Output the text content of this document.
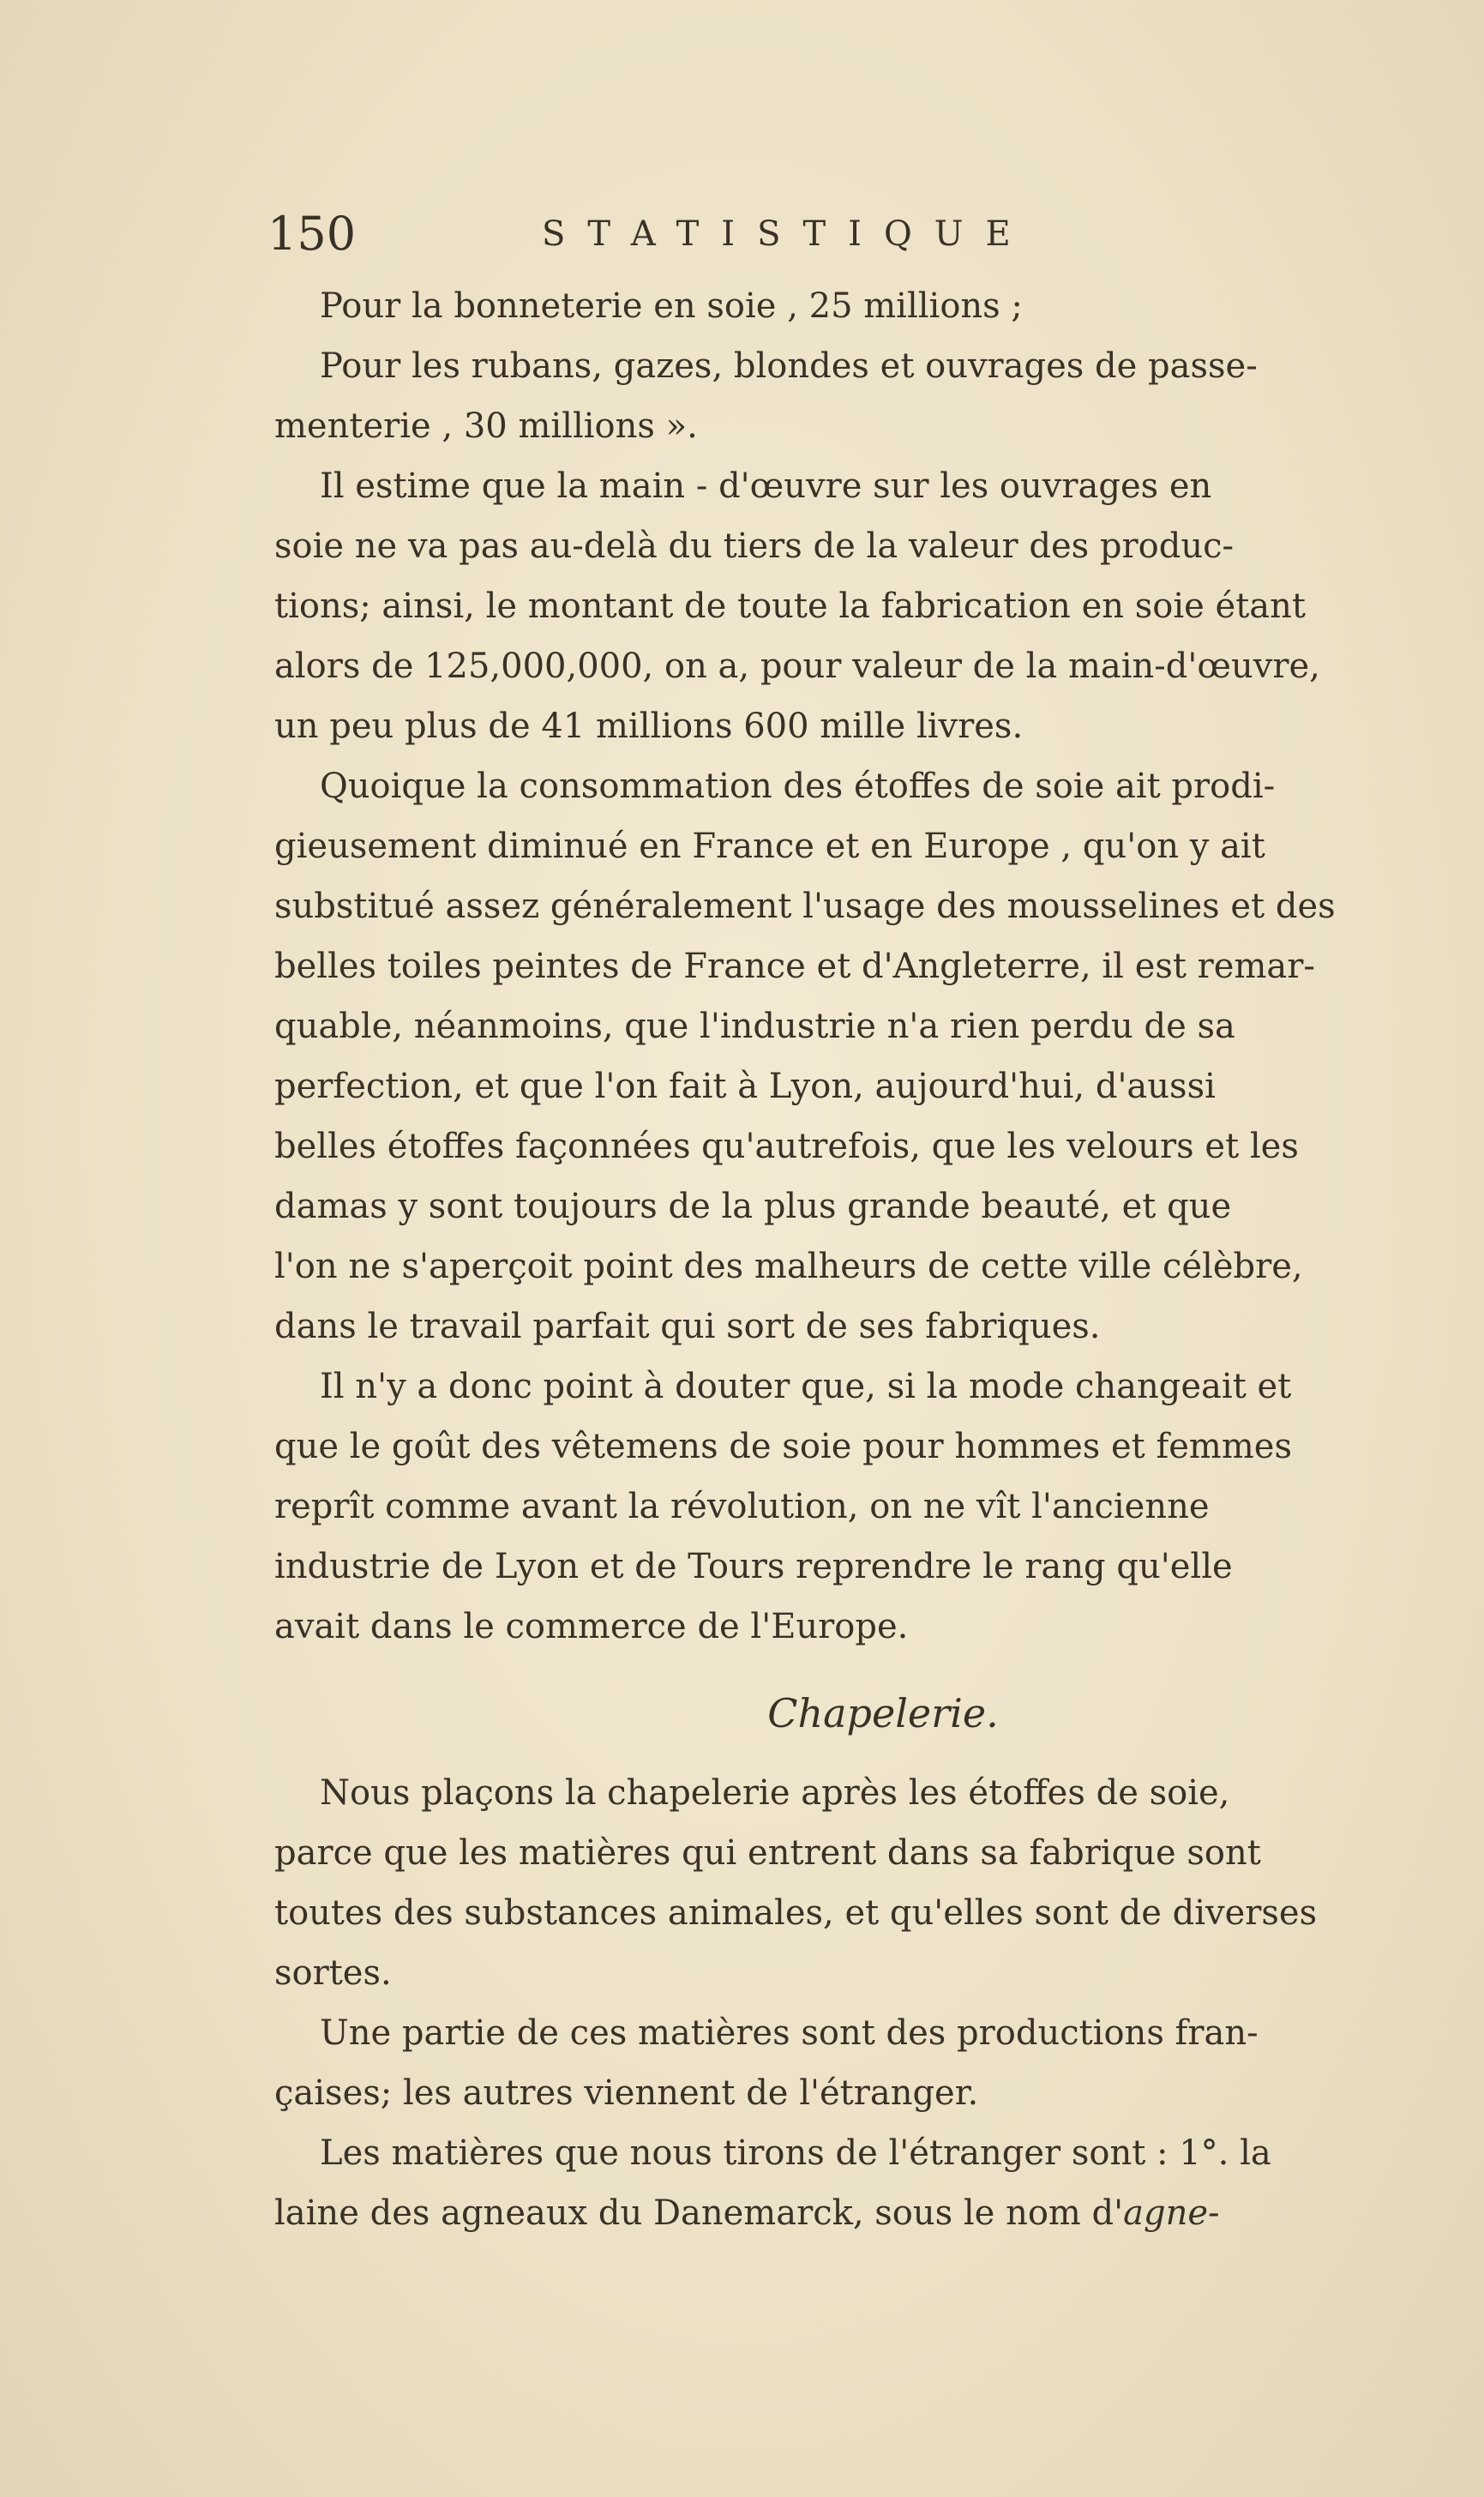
150	STATISTIQUE
Pour la bonneterie en soie , 25 millions ;
Pour les rubans, gazes, blondes et ouvrages de passe-
menterie , 30 millions ».
Il estime que la main - d'œuvre sur les ouvrages en
soie ne va pas au-delà du tiers de la valeur des produc-
tions; ainsi, le montant de toute la fabrication en soie étant
alors de 125,000,000, on a, pour valeur de la main-d'œuvre,
un peu plus de 41 millions 600 mille livres.
Quoique la consommation des étoffes de soie ait prodi-
gieusement diminué en France et en Europe , qu'on y ait
substitué assez généralement l'usage des mousselines et des
belles toiles peintes de France et d'Angleterre, il est remar-
quable, néanmoins, que l'industrie n'a rien perdu de sa
perfection, et que l'on fait à Lyon, aujourd'hui, d'aussi
belles étoffes façonnées qu'autrefois, que les velours et les
damas y sont toujours de la plus grande beauté, et que
l'on ne s'aperçoit point des malheurs de cette ville célèbre,
dans le travail parfait qui sort de ses fabriques.
Il n'y a donc point à douter que, si la mode changeait et
que le goût des vêtemens de soie pour hommes et femmes
reprît comme avant la révolution, on ne vît l'ancienne
industrie de Lyon et de Tours reprendre le rang qu'elle
avait dans le commerce de l'Europe.
Chapelerie.
Nous plaçons la chapelerie après les étoffes de soie,
parce que les matières qui entrent dans sa fabrique sont
toutes des substances animales, et qu'elles sont de diverses
sortes.
Une partie de ces matières sont des productions fran-
çaises; les autres viennent de l'étranger.
Les matières que nous tirons de l'étranger sont : 1°. la
laine des agneaux du Danemarck, sous le nom d'agne-
